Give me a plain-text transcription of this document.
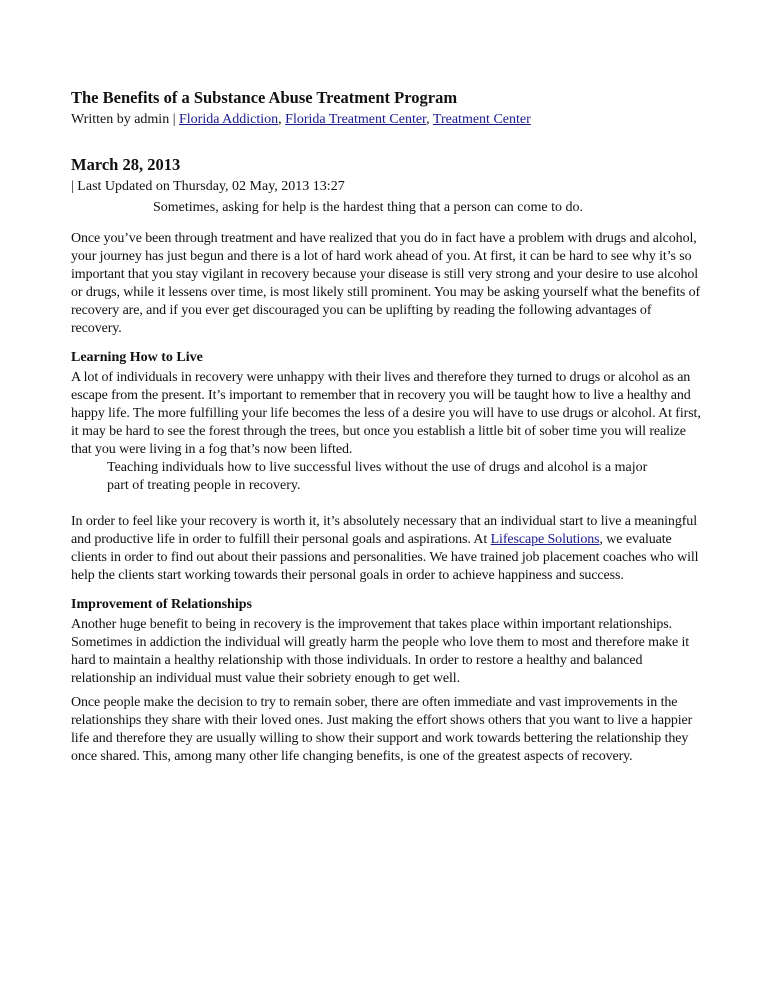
The Benefits of a Substance Abuse Treatment Program
Written by admin | Florida Addiction, Florida Treatment Center, Treatment Center
March 28, 2013
| Last Updated on Thursday, 02 May, 2013 13:27

Sometimes, asking for help is the hardest thing that a person can come to do.

Once you’ve been through treatment and have realized that you do in fact have a problem with drugs and alcohol, your journey has just begun and there is a lot of hard work ahead of you. At first, it can be hard to see why it’s so important that you stay vigilant in recovery because your disease is still very strong and your desire to use alcohol or drugs, while it lessens over time, is most likely still prominent. You may be asking yourself what the benefits of recovery are, and if you ever get discouraged you can be uplifting by reading the following advantages of recovery.

Learning How to Live

A lot of individuals in recovery were unhappy with their lives and therefore they turned to drugs or alcohol as an escape from the present. It’s important to remember that in recovery you will be taught how to live a healthy and happy life. The more fulfilling your life becomes the less of a desire you will have to use drugs or alcohol. At first, it may be hard to see the forest through the trees, but once you establish a little bit of sober time you will realize that you were living in a fog that’s now been lifted.

Teaching individuals how to live successful lives without the use of drugs and alcohol is a major part of treating people in recovery.

In order to feel like your recovery is worth it, it’s absolutely necessary that an individual start to live a meaningful and productive life in order to fulfill their personal goals and aspirations. At Lifescape Solutions, we evaluate clients in order to find out about their passions and personalities. We have trained job placement coaches who will help the clients start working towards their personal goals in order to achieve happiness and success.

Improvement of Relationships

Another huge benefit to being in recovery is the improvement that takes place within important relationships. Sometimes in addiction the individual will greatly harm the people who love them to most and therefore make it hard to maintain a healthy relationship with those individuals. In order to restore a healthy and balanced relationship an individual must value their sobriety enough to get well.

Once people make the decision to try to remain sober, there are often immediate and vast improvements in the relationships they share with their loved ones. Just making the effort shows others that you want to live a happier life and therefore they are usually willing to show their support and work towards bettering the relationship they once shared. This, among many other life changing benefits, is one of the greatest aspects of recovery.
